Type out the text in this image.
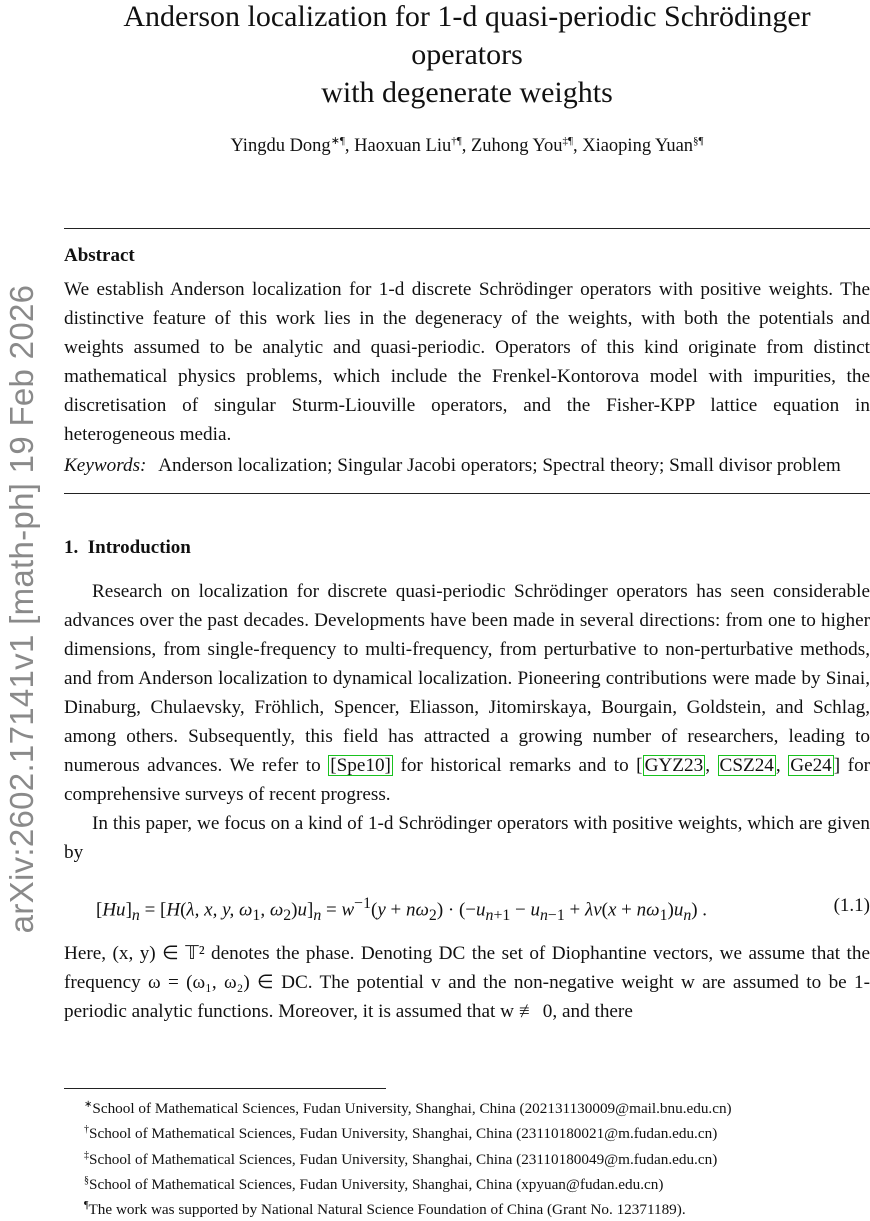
arXiv:2602.17141v1 [math-ph] 19 Feb 2026
Anderson localization for 1-d quasi-periodic Schrödinger operators
with degenerate weights
Yingdu Dong∗¶, Haoxuan Liu†¶, Zuhong You‡¶, Xiaoping Yuan§¶
Abstract
We establish Anderson localization for 1-d discrete Schrödinger operators with positive weights. The distinctive feature of this work lies in the degeneracy of the weights, with both the potentials and weights assumed to be analytic and quasi-periodic. Operators of this kind originate from distinct mathematical physics problems, which include the Frenkel-Kontorova model with impurities, the discretisation of singular Sturm-Liouville operators, and the Fisher-KPP lattice equation in heterogeneous media.
Keywords: Anderson localization; Singular Jacobi operators; Spectral theory; Small divisor problem
1. Introduction
Research on localization for discrete quasi-periodic Schrödinger operators has seen considerable advances over the past decades. Developments have been made in several directions: from one to higher dimensions, from single-frequency to multi-frequency, from perturbative to non-perturbative methods, and from Anderson localization to dynamical localization. Pioneering contributions were made by Sinai, Dinaburg, Chulaevsky, Fröhlich, Spencer, Eliasson, Jitomirskaya, Bourgain, Goldstein, and Schlag, among others. Subsequently, this field has attracted a growing number of researchers, leading to numerous advances. We refer to [Spe10] for historical remarks and to [ GYZ23 , CSZ24 , Ge24 ] for comprehensive surveys of recent progress.
In this paper, we focus on a kind of 1-d Schrödinger operators with positive weights, which are given by
$[Hu]_n = [H(\lambda$, x, y, $\omega_1$, $\omega_2)u]_n = w^{-1}(y + n\omega_2) \cdot (-u_{n+1} - u_{n-1} + \lambda v(x + n\omega_1)u_n)$ .	(1.1)
Here, (x, y) ∈ 𝕋² denotes the phase. Denoting DC the set of Diophantine vectors, we assume that the frequency ω = (ω₁, ω₂) ∈ DC. The potential v and the non-negative weight w are assumed to be 1-periodic analytic functions. Moreover, it is assumed that w ≢ 0, and there
∗School of Mathematical Sciences, Fudan University, Shanghai, China (202131130009@mail.bnu.edu.cn)
†School of Mathematical Sciences, Fudan University, Shanghai, China (23110180021@m.fudan.edu.cn)
‡School of Mathematical Sciences, Fudan University, Shanghai, China (23110180049@m.fudan.edu.cn)
§School of Mathematical Sciences, Fudan University, Shanghai, China (xpyuan@fudan.edu.cn)
¶The work was supported by National Natural Science Foundation of China (Grant No. 12371189).
